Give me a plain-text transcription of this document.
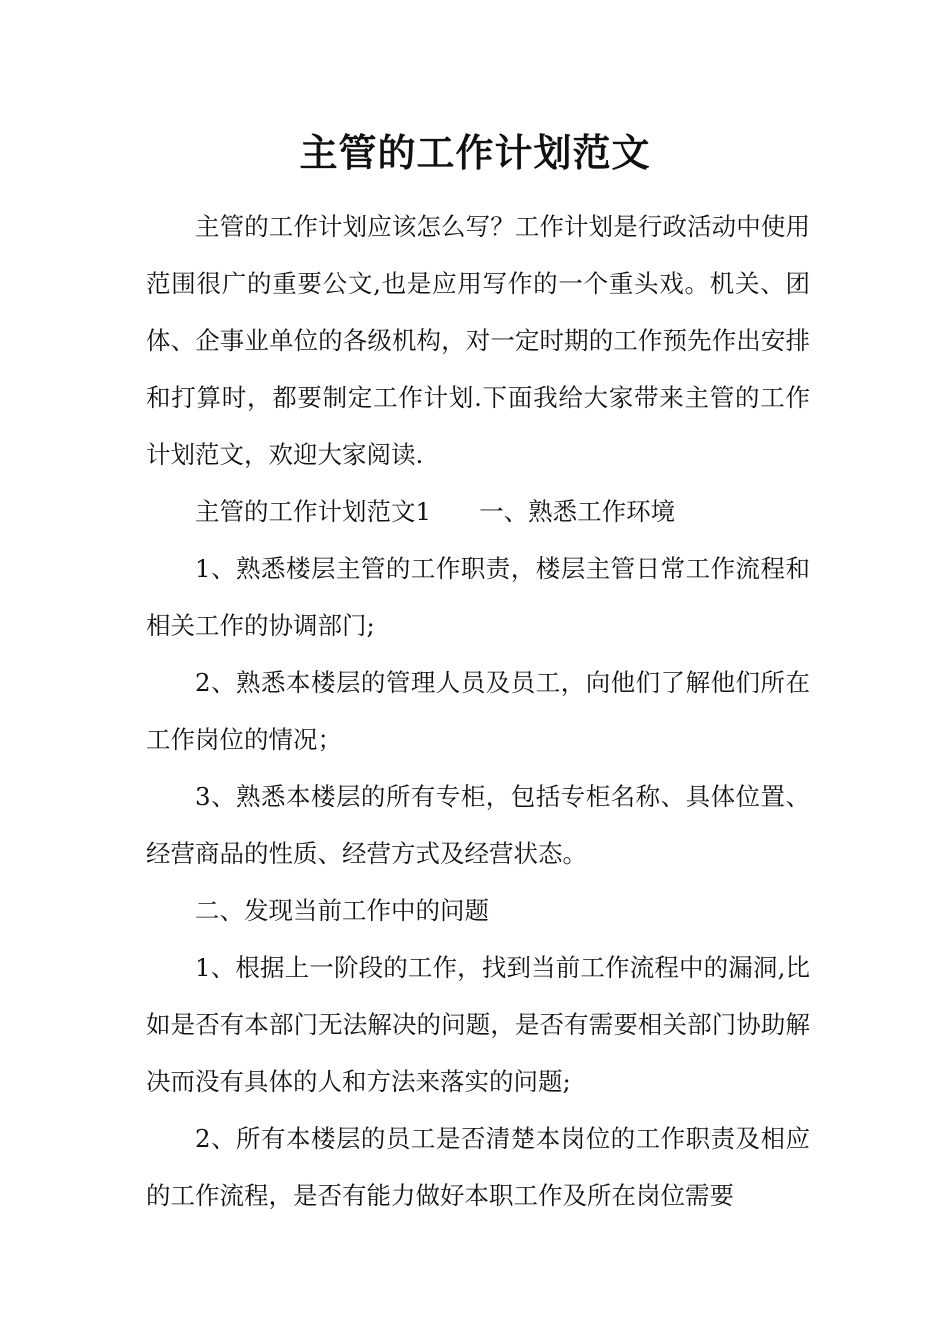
主管的工作计划范文

主管的工作计划应该怎么写？工作计划是行政活动中使用范围很广的重要公文,也是应用写作的一个重头戏。机关、团体、企事业单位的各级机构，对一定时期的工作预先作出安排和打算时，都要制定工作计划.下面我给大家带来主管的工作计划范文，欢迎大家阅读.

主管的工作计划范文1 一、熟悉工作环境

1、熟悉楼层主管的工作职责，楼层主管日常工作流程和相关工作的协调部门;

2、熟悉本楼层的管理人员及员工，向他们了解他们所在工作岗位的情况；

3、熟悉本楼层的所有专柜，包括专柜名称、具体位置、经营商品的性质、经营方式及经营状态。

二、发现当前工作中的问题

1、根据上一阶段的工作，找到当前工作流程中的漏洞,比如是否有本部门无法解决的问题，是否有需要相关部门协助解决而没有具体的人和方法来落实的问题;

2、所有本楼层的员工是否清楚本岗位的工作职责及相应的工作流程，是否有能力做好本职工作及所在岗位需要
